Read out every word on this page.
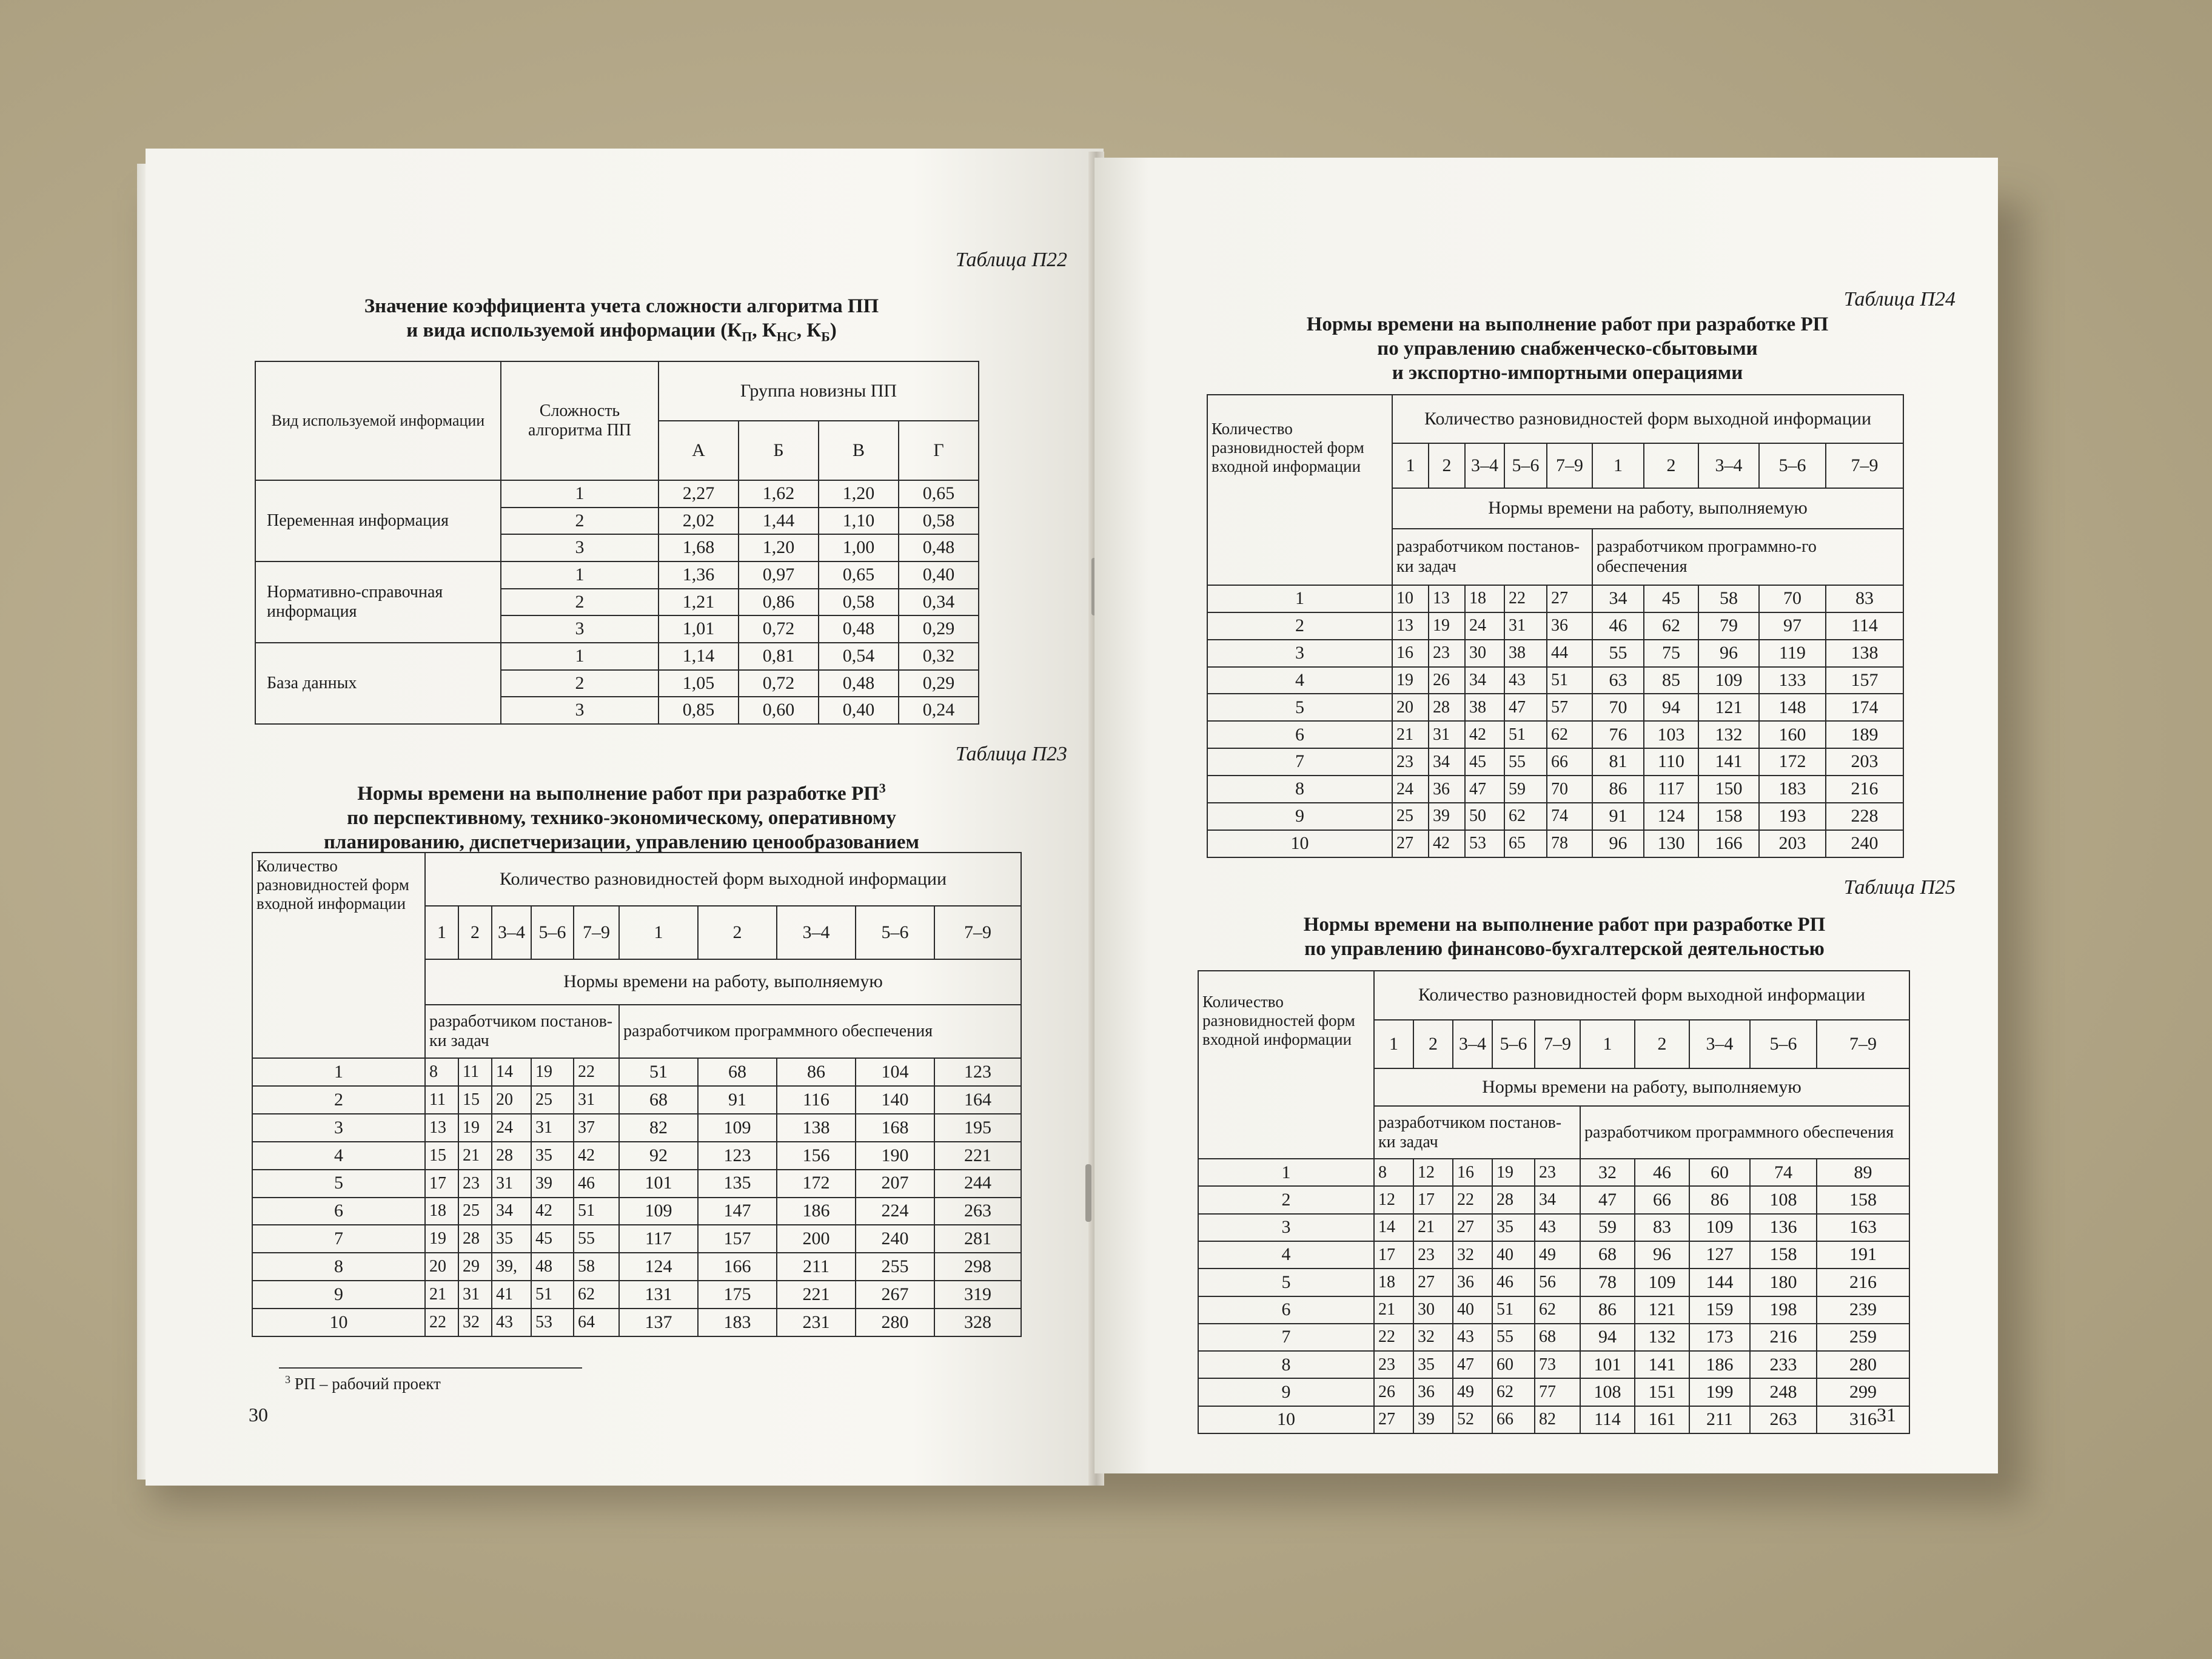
Таблица П22
Значение коэффициента учета сложности алгоритма ПП
и вида используемой информации ($К_П$, $К_{НС}$, $К_Б$)
Вид используемой информации	Сложность алгоритма ПП	Группа новизны ПП			
		А	Б	В	Г
Переменная информация	1	2,27	1,62	1,20	0,65
	2	2,02	1,44	1,10	0,58
	3	1,68	1,20	1,00	0,48
Нормативно-справочная информация	1	1,36	0,97	0,65	0,40
	2	1,21	0,86	0,58	0,34
	3	1,01	0,72	0,48	0,29
База данных	1	1,14	0,81	0,54	0,32
	2	1,05	0,72	0,48	0,29
	3	0,85	0,60	0,40	0,24
Таблица П23
Нормы времени на выполнение работ при разработке $РП^3$
по перспективному, технико-экономическому, оперативному
планированию, диспетчеризации, управлению ценообразованием
Количество разновидностей форм входной информации	Количество разновидностей форм выходной информации									
	1	2	3–4	5–6	7–9	1	2	3–4	5–6	7–9
	Нормы времени на работу, выполняемую									
	разработчиком постанов-ки задач					разработчиком программного обеспечения				
1	8	11	14	19	22	51	68	86	104	123
2	11	15	20	25	31	68	91	116	140	164
3	13	19	24	31	37	82	109	138	168	195
4	15	21	28	35	42	92	123	156	190	221
5	17	23	31	39	46	101	135	172	207	244
6	18	25	34	42	51	109	147	186	224	263
7	19	28	35	45	55	117	157	200	240	281
8	20	29	39,	48	58	124	166	211	255	298
9	21	31	41	51	62	131	175	221	267	319
10	22	32	43	53	64	137	183	231	280	328
$^3$ РП – рабочий проект
30
Таблица П24
Нормы времени на выполнение работ при разработке РП
по управлению снабженческо-сбытовыми
и экспортно-импортными операциями
Количество разновидностей форм входной информации	Количество разновидностей форм выходной информации									
	1	2	3–4	5–6	7–9	1	2	3–4	5–6	7–9
	Нормы времени на работу, выполняемую									
	разработчиком постанов-ки задач					разработчиком программно-го обеспечения				
1	10	13	18	22	27	34	45	58	70	83
2	13	19	24	31	36	46	62	79	97	114
3	16	23	30	38	44	55	75	96	119	138
4	19	26	34	43	51	63	85	109	133	157
5	20	28	38	47	57	70	94	121	148	174
6	21	31	42	51	62	76	103	132	160	189
7	23	34	45	55	66	81	110	141	172	203
8	24	36	47	59	70	86	117	150	183	216
9	25	39	50	62	74	91	124	158	193	228
10	27	42	53	65	78	96	130	166	203	240
Таблица П25
Нормы времени на выполнение работ при разработке РП
по управлению финансово-бухгалтерской деятельностью
Количество разновидностей форм входной информации	Количество разновидностей форм выходной информации									
	1	2	3–4	5–6	7–9	1	2	3–4	5–6	7–9
	Нормы времени на работу, выполняемую									
	разработчиком постанов-ки задач					разработчиком программного обеспечения				
1	8	12	16	19	23	32	46	60	74	89
2	12	17	22	28	34	47	66	86	108	158
3	14	21	27	35	43	59	83	109	136	163
4	17	23	32	40	49	68	96	127	158	191
5	18	27	36	46	56	78	109	144	180	216
6	21	30	40	51	62	86	121	159	198	239
7	22	32	43	55	68	94	132	173	216	259
8	23	35	47	60	73	101	141	186	233	280
9	26	36	49	62	77	108	151	199	248	299
10	27	39	52	66	82	114	161	211	263	316 31
